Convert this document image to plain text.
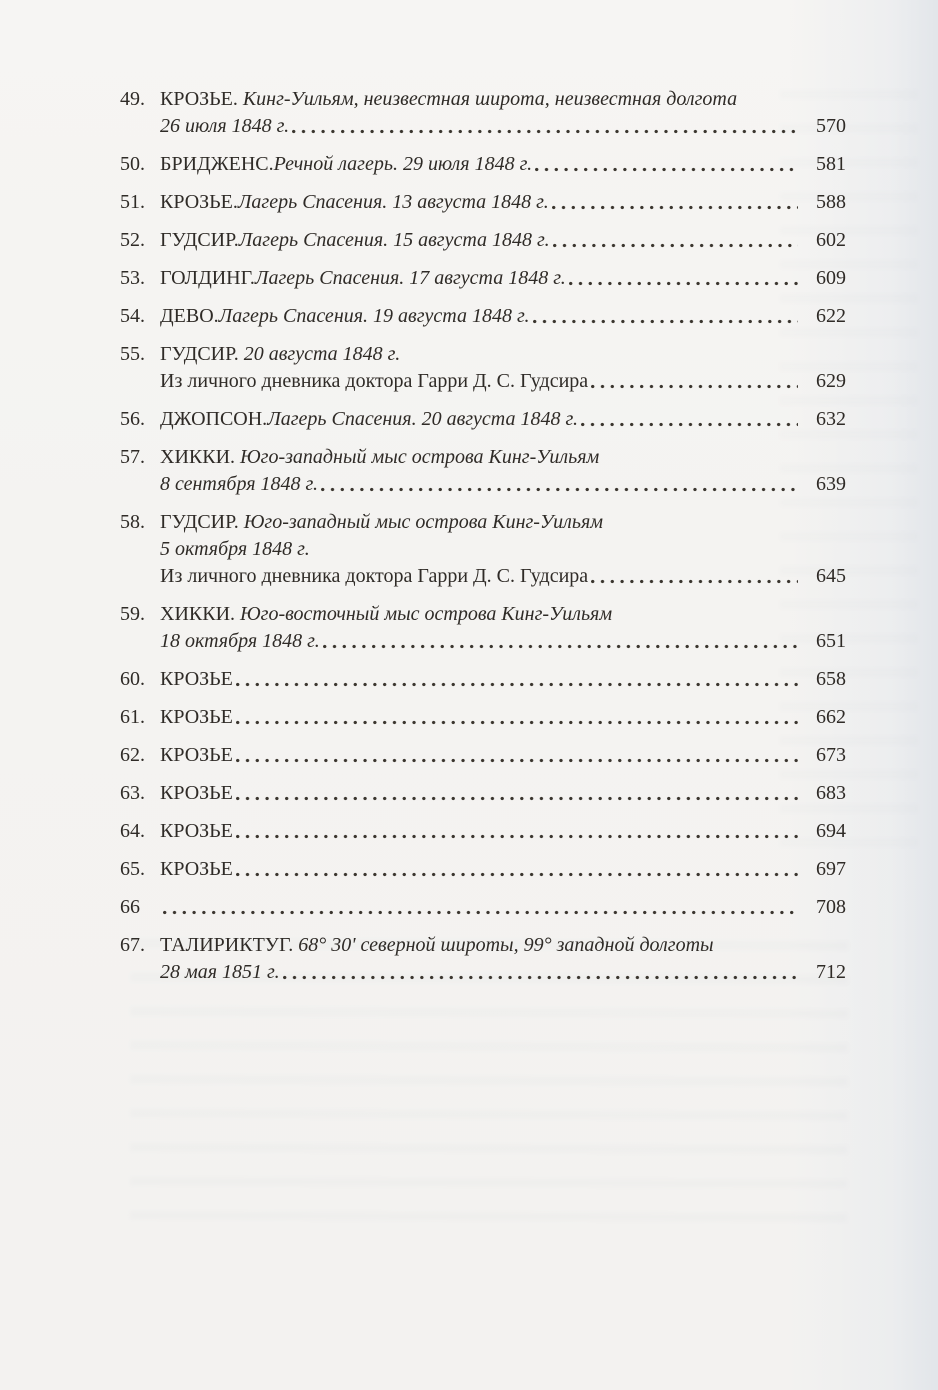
49. КРОЗЬЕ. Кинг-Уильям, неизвестная широта, неизвестная долгота
26 июля 1848 г.	570
50. БРИДЖЕНС. Речной лагерь. 29 июля 1848 г.	581
51. КРОЗЬЕ. Лагерь Спасения. 13 августа 1848 г.	588
52. ГУДСИР. Лагерь Спасения. 15 августа 1848 г.	602
53. ГОЛДИНГ. Лагерь Спасения. 17 августа 1848 г.	609
54. ДЕВО. Лагерь Спасения. 19 августа 1848 г.	622
55. ГУДСИР. 20 августа 1848 г.
Из личного дневника доктора Гарри Д. С. Гудсира	629
56. ДЖОПСОН. Лагерь Спасения. 20 августа 1848 г.	632
57. ХИККИ. Юго-западный мыс острова Кинг-Уильям
8 сентября 1848 г.	639
58. ГУДСИР. Юго-западный мыс острова Кинг-Уильям
5 октября 1848 г.
Из личного дневника доктора Гарри Д. С. Гудсира	645
59. ХИККИ. Юго-восточный мыс острова Кинг-Уильям
18 октября 1848 г.	651
60. КРОЗЬЕ	658
61. КРОЗЬЕ	662
62. КРОЗЬЕ	673
63. КРОЗЬЕ	683
64. КРОЗЬЕ	694
65. КРОЗЬЕ	697
66	708
67. ТАЛИРИКТУГ. 68° 30' северной широты, 99° западной долготы
28 мая 1851 г.	712
